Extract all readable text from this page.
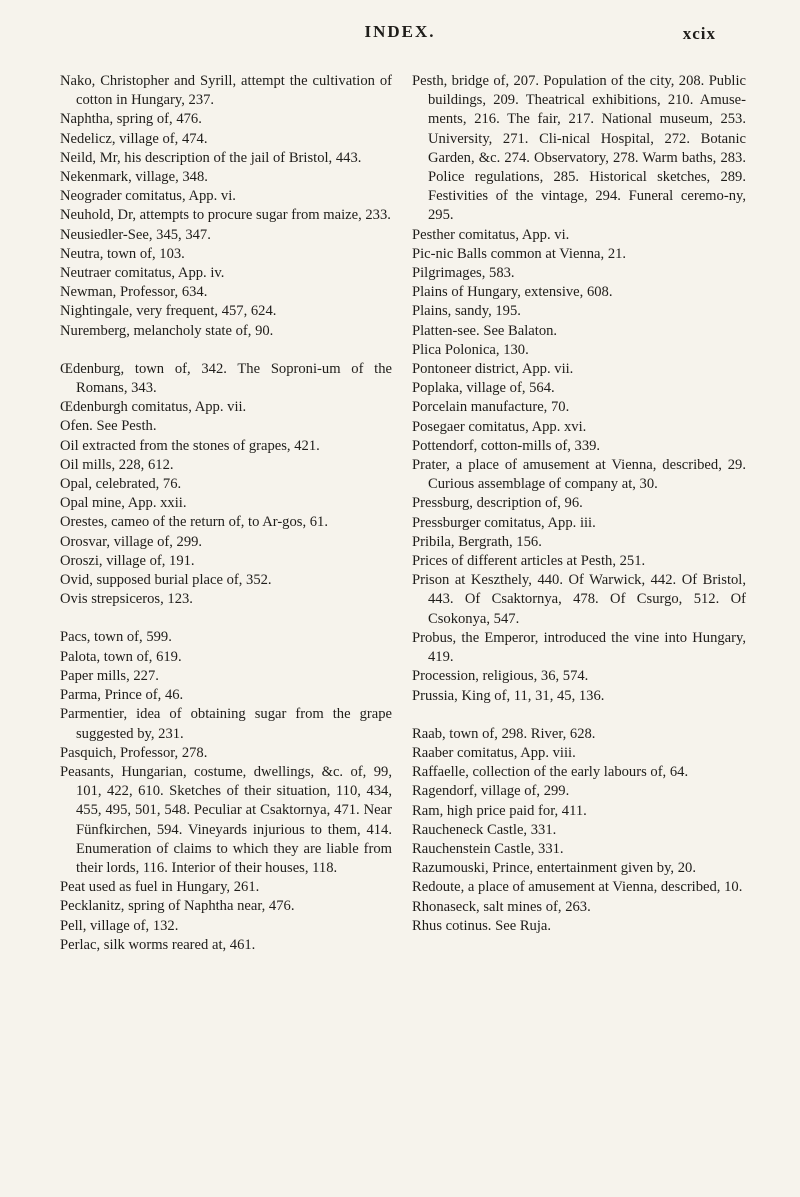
INDEX.	xcix

Nako, Christopher and Syrill, attempt the cultivation of cotton in Hungary, 237.

Naphtha, spring of, 476.

Nedelicz, village of, 474.

Neild, Mr, his description of the jail of Bristol, 443.

Nekenmark, village, 348.

Neograder comitatus, App. vi.

Neuhold, Dr, attempts to procure sugar from maize, 233.

Neusiedler-See, 345, 347.

Neutra, town of, 103.

Neutraer comitatus, App. iv.

Newman, Professor, 634.

Nightingale, very frequent, 457, 624.

Nuremberg, melancholy state of, 90.

Œdenburg, town of, 342. The Soproni-um of the Romans, 343.

Œdenburgh comitatus, App. vii.

Ofen. See Pesth.

Oil extracted from the stones of grapes, 421.

Oil mills, 228, 612.

Opal, celebrated, 76.

Opal mine, App. xxii.

Orestes, cameo of the return of, to Ar-gos, 61.

Orosvar, village of, 299.

Oroszi, village of, 191.

Ovid, supposed burial place of, 352.

Ovis strepsiceros, 123.

Pacs, town of, 599.

Palota, town of, 619.

Paper mills, 227.

Parma, Prince of, 46.

Parmentier, idea of obtaining sugar from the grape suggested by, 231.

Pasquich, Professor, 278.

Peasants, Hungarian, costume, dwellings, &c. of, 99, 101, 422, 610. Sketches of their situation, 110, 434, 455, 495, 501, 548. Peculiar at Csaktornya, 471. Near Fünfkirchen, 594. Vineyards injurious to them, 414. Enumeration of claims to which they are liable from their lords, 116. Interior of their houses, 118.

Peat used as fuel in Hungary, 261.

Pecklanitz, spring of Naphtha near, 476.

Pell, village of, 132.

Perlac, silk worms reared at, 461.

Pesth, bridge of, 207. Population of the city, 208. Public buildings, 209. Theatrical exhibitions, 210. Amuse-ments, 216. The fair, 217. National museum, 253. University, 271. Cli-nical Hospital, 272. Botanic Garden, &c. 274. Observatory, 278. Warm baths, 283. Police regulations, 285. Historical sketches, 289. Festivities of the vintage, 294. Funeral ceremo-ny, 295.

Pesther comitatus, App. vi.

Pic-nic Balls common at Vienna, 21.

Pilgrimages, 583.

Plains of Hungary, extensive, 608.

Plains, sandy, 195.

Platten-see. See Balaton.

Plica Polonica, 130.

Pontoneer district, App. vii.

Poplaka, village of, 564.

Porcelain manufacture, 70.

Posegaer comitatus, App. xvi.

Pottendorf, cotton-mills of, 339.

Prater, a place of amusement at Vienna, described, 29. Curious assemblage of company at, 30.

Pressburg, description of, 96.

Pressburger comitatus, App. iii.

Pribila, Bergrath, 156.

Prices of different articles at Pesth, 251.

Prison at Keszthely, 440. Of Warwick, 442. Of Bristol, 443. Of Csaktornya, 478. Of Csurgo, 512. Of Csokonya, 547.

Probus, the Emperor, introduced the vine into Hungary, 419.

Procession, religious, 36, 574.

Prussia, King of, 11, 31, 45, 136.

Raab, town of, 298. River, 628.

Raaber comitatus, App. viii.

Raffaelle, collection of the early labours of, 64.

Ragendorf, village of, 299.

Ram, high price paid for, 411.

Raucheneck Castle, 331.

Rauchenstein Castle, 331.

Razumouski, Prince, entertainment given by, 20.

Redoute, a place of amusement at Vienna, described, 10.

Rhonaseck, salt mines of, 263.

Rhus cotinus. See Ruja.
